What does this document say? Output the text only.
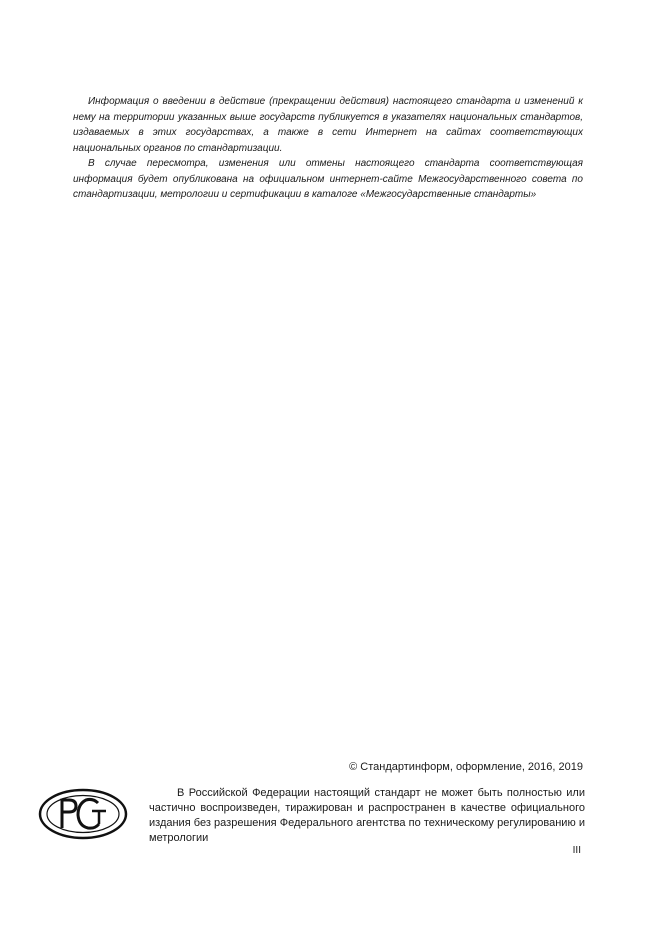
Информация о введении в действие (прекращении действия) настоящего стандарта и изменений к нему на территории указанных выше государств публикуется в указателях национальных стандартов, издаваемых в этих государствах, а также в сети Интернет на сайтах соответствующих национальных органов по стандартизации.

В случае пересмотра, изменения или отмены настоящего стандарта соответствующая информация будет опубликована на официальном интернет-сайте Межгосударственного совета по стандартизации, метрологии и сертификации в каталоге «Межгосударственные стандарты»

© Стандартинформ, оформление, 2016, 2019

В Российской Федерации настоящий стандарт не может быть полностью или частично воспроизведен, тиражирован и распространен в качестве официального издания без разрешения Федерального агентства по техническому регулированию и метрологии

III
